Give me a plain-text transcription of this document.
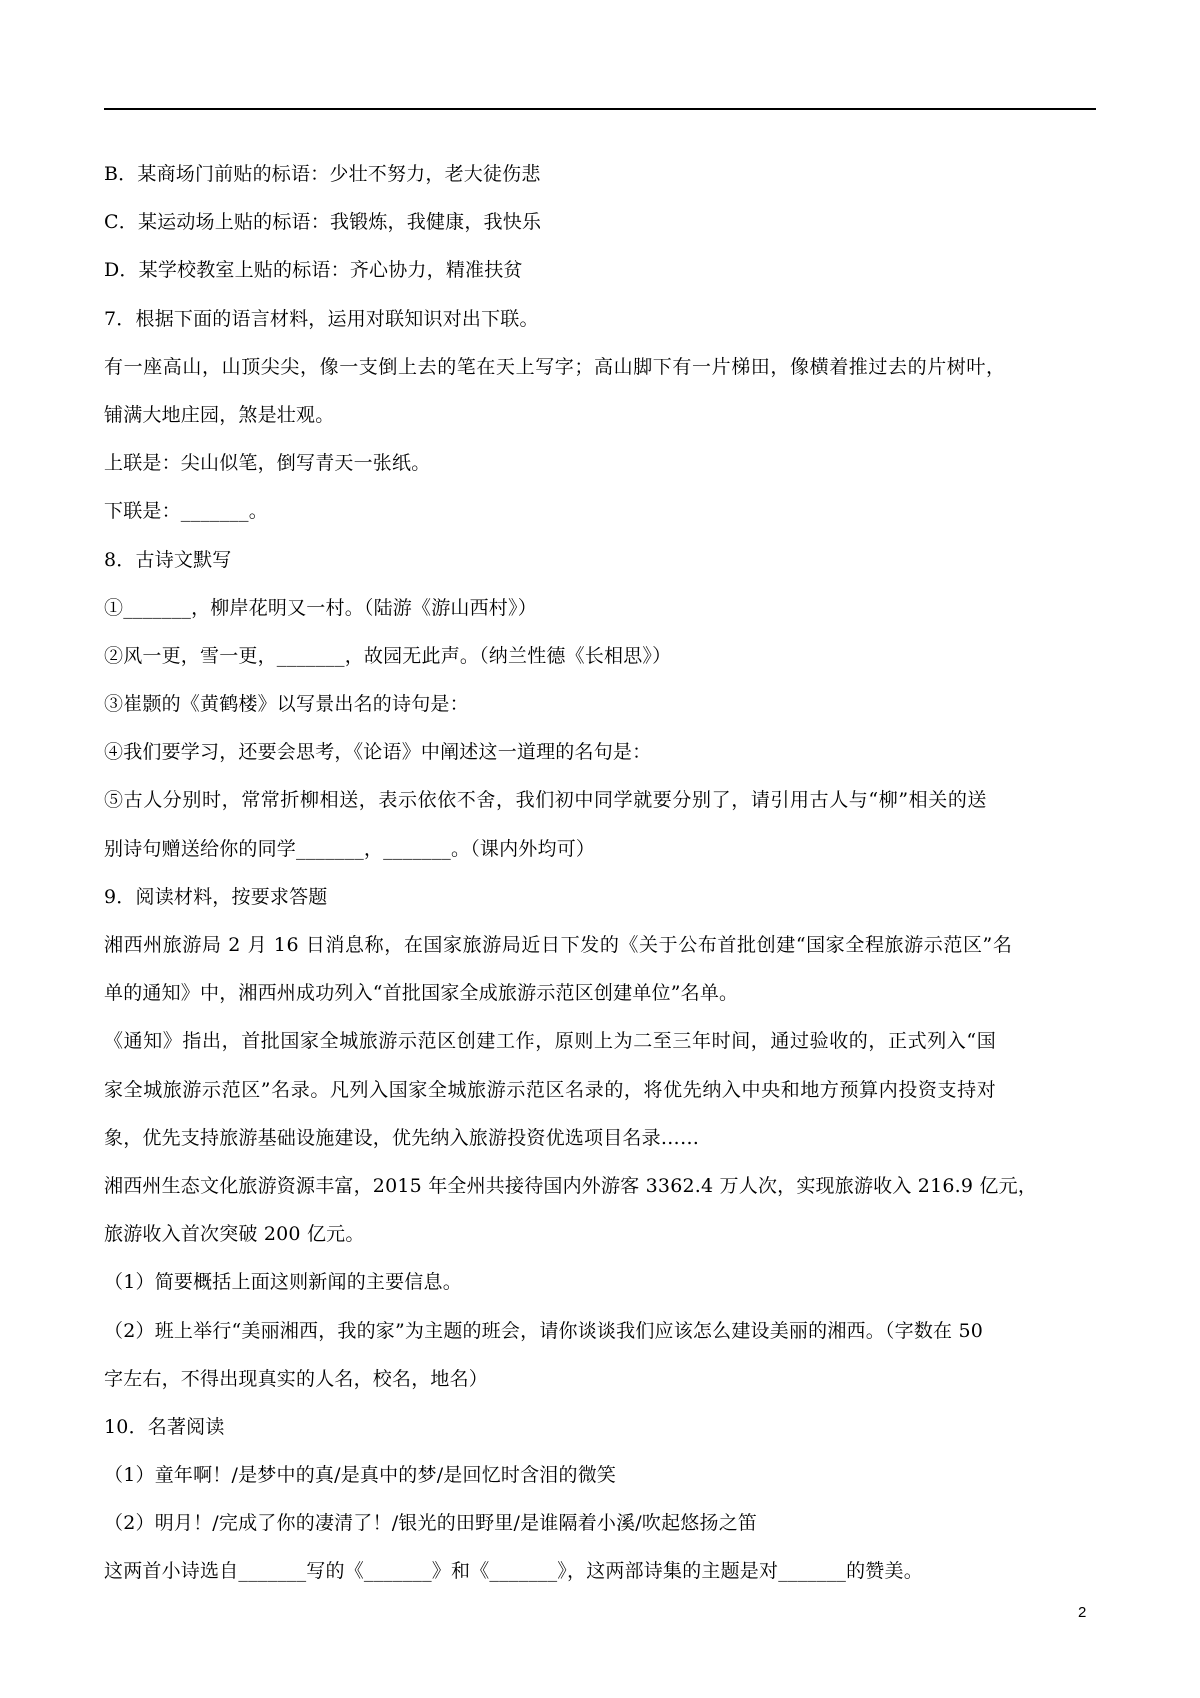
B．某商场门前贴的标语：少壮不努力，老大徒伤悲
C．某运动场上贴的标语：我锻炼，我健康，我快乐
D．某学校教室上贴的标语：齐心协力，精准扶贫
7．根据下面的语言材料，运用对联知识对出下联。
有一座高山，山顶尖尖，像一支倒上去的笔在天上写字；高山脚下有一片梯田，像横着推过去的片树叶，
铺满大地庄园，煞是壮观。
上联是：尖山似笔，倒写青天一张纸。
下联是：_______。
8．古诗文默写
①_______，柳岸花明又一村。（陆游《游山西村》）
②风一更，雪一更，_______，故园无此声。（纳兰性德《长相思》）
③崔颢的《黄鹤楼》以写景出名的诗句是：
④我们要学习，还要会思考，《论语》中阐述这一道理的名句是：
⑤古人分别时，常常折柳相送，表示依依不舍，我们初中同学就要分别了，请引用古人与“柳”相关的送
别诗句赠送给你的同学_______，_______。（课内外均可）
9．阅读材料，按要求答题
湘西州旅游局 2 月 16 日消息称，在国家旅游局近日下发的《关于公布首批创建“国家全程旅游示范区”名
单的通知》中，湘西州成功列入“首批国家全成旅游示范区创建单位”名单。
《通知》指出，首批国家全城旅游示范区创建工作，原则上为二至三年时间，通过验收的，正式列入“国
家全城旅游示范区”名录。凡列入国家全城旅游示范区名录的，将优先纳入中央和地方预算内投资支持对
象，优先支持旅游基础设施建设，优先纳入旅游投资优选项目名录……
湘西州生态文化旅游资源丰富，2015 年全州共接待国内外游客 3362.4 万人次，实现旅游收入 216.9 亿元，
旅游收入首次突破 200 亿元。
（1）简要概括上面这则新闻的主要信息。
（2）班上举行“美丽湘西，我的家”为主题的班会，请你谈谈我们应该怎么建设美丽的湘西。（字数在 50
字左右，不得出现真实的人名，校名，地名）
10．名著阅读
（1）童年啊！/是梦中的真/是真中的梦/是回忆时含泪的微笑
（2）明月！/完成了你的凄清了！/银光的田野里/是谁隔着小溪/吹起悠扬之笛
这两首小诗选自_______写的《_______》和《_______》，这两部诗集的主题是对_______的赞美。
2
